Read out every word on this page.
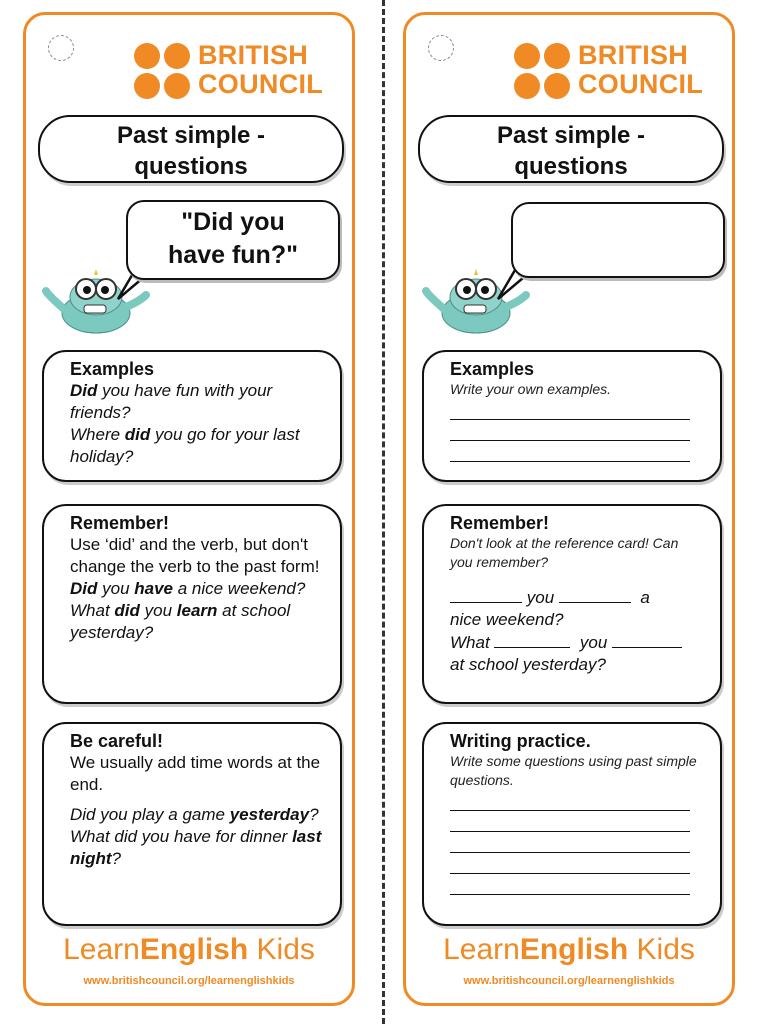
BRITISH
COUNCIL
Past simple -
questions
"Did you
have fun?"
Examples
Did you have fun with your friends?
Where did you go for your last holiday?
Remember!
Use ‘did’ and the verb, but don't change the verb to the past form!
Did you have a nice weekend?
What did you learn at school yesterday?
Be careful!
We usually add time words at the end.
Did you play a game yesterday?
What did you have for dinner last night?
LearnEnglish Kids
www.britishcouncil.org/learnenglishkids
BRITISH
COUNCIL
Past simple -
questions
Examples
Write your own examples.
Remember!
Don't look at the reference card! Can you remember?
you	a
nice weekend?
What	you
at school yesterday?
Writing practice.
Write some questions using past simple questions.
LearnEnglish Kids
www.britishcouncil.org/learnenglishkids
